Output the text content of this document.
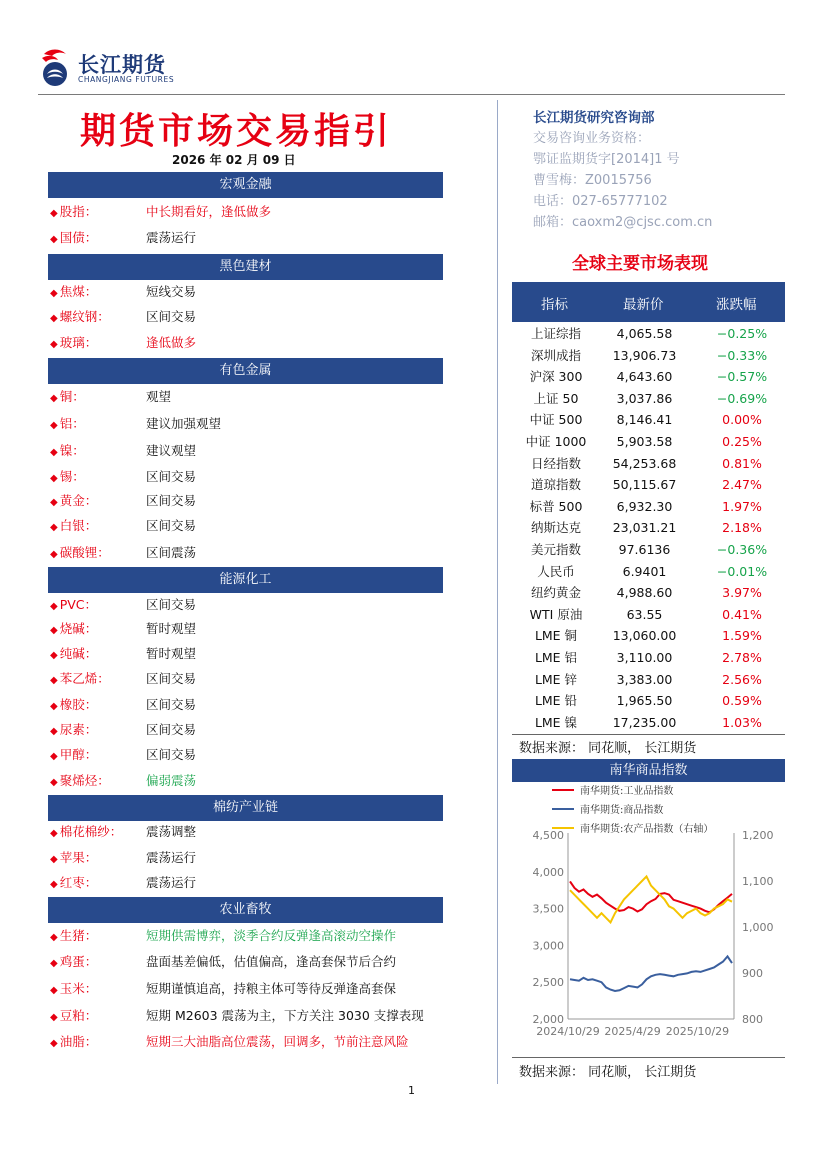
长江期货
CHANGJIANG FUTURES
期货市场交易指引
2026 年 02 月 09 日
宏观金融
◆ 股指：	中长期看好，逢低做多
◆ 国债：	震荡运行
黑色建材
◆ 焦煤：	短线交易
◆ 螺纹钢：	区间交易
◆ 玻璃：	逢低做多
有色金属
◆ 铜：	观望
◆ 铝：	建议加强观望
◆ 镍：	建议观望
◆ 锡：	区间交易
◆ 黄金：	区间交易
◆ 白银：	区间交易
◆ 碳酸锂：	区间震荡
能源化工
◆ PVC：	区间交易
◆ 烧碱：	暂时观望
◆ 纯碱：	暂时观望
◆ 苯乙烯：	区间交易
◆ 橡胶：	区间交易
◆ 尿素：	区间交易
◆ 甲醇：	区间交易
◆ 聚烯烃：	偏弱震荡
棉纺产业链
◆ 棉花棉纱： 震荡调整
◆ 苹果：	震荡运行
◆ 红枣：	震荡运行
农业畜牧
◆ 生猪：	短期供需博弈，淡季合约反弹逢高滚动空操作
◆ 鸡蛋：	盘面基差偏低，估值偏高，逢高套保节后合约
◆ 玉米：	短期谨慎追高，持粮主体可等待反弹逢高套保
◆ 豆粕：	短期 M2603 震荡为主，下方关注 3030 支撑表现
◆ 油脂：	短期三大油脂高位震荡，回调多，节前注意风险
长江期货研究咨询部
交易咨询业务资格：
鄂证监期货字[2014]1 号
曹雪梅：Z0015756
电话：027-65777102
邮箱：caoxm2@cjsc.com.cn
全球主要市场表现
指标	最新价	涨跌幅
上证综指	4,065.58	−0.25%
深圳成指	13,906.73	−0.33%
沪深 300	4,643.60	−0.57%
上证 50	3,037.86	−0.69%
中证 500	8,146.41	0.00%
中证 1000	5,903.58	0.25%
日经指数	54,253.68	0.81%
道琼指数	50,115.67	2.47%
标普 500	6,932.30	1.97%
纳斯达克	23,031.21	2.18%
美元指数	97.6136	−0.36%
人民币	6.9401	−0.01%
纽约黄金	4,988.60	3.97%
WTI 原油	63.55	0.41%
LME 铜	13,060.00	1.59%
LME 铝	3,110.00	2.78%
LME 锌	3,383.00	2.56%
LME 铅	1,965.50	0.59%
LME 镍	17,235.00	1.03%
数据来源： 同花顺， 长江期货
南华商品指数
南华期货:工业品指数
南华期货:商品指数
南华期货:农产品指数（右轴）
4,500
4,000
3,500
3,000
2,500
2,000
1,200
1,100
1,000
900
800
2024/10/29 2025/4/29 2025/10/29
数据来源： 同花顺， 长江期货
1
